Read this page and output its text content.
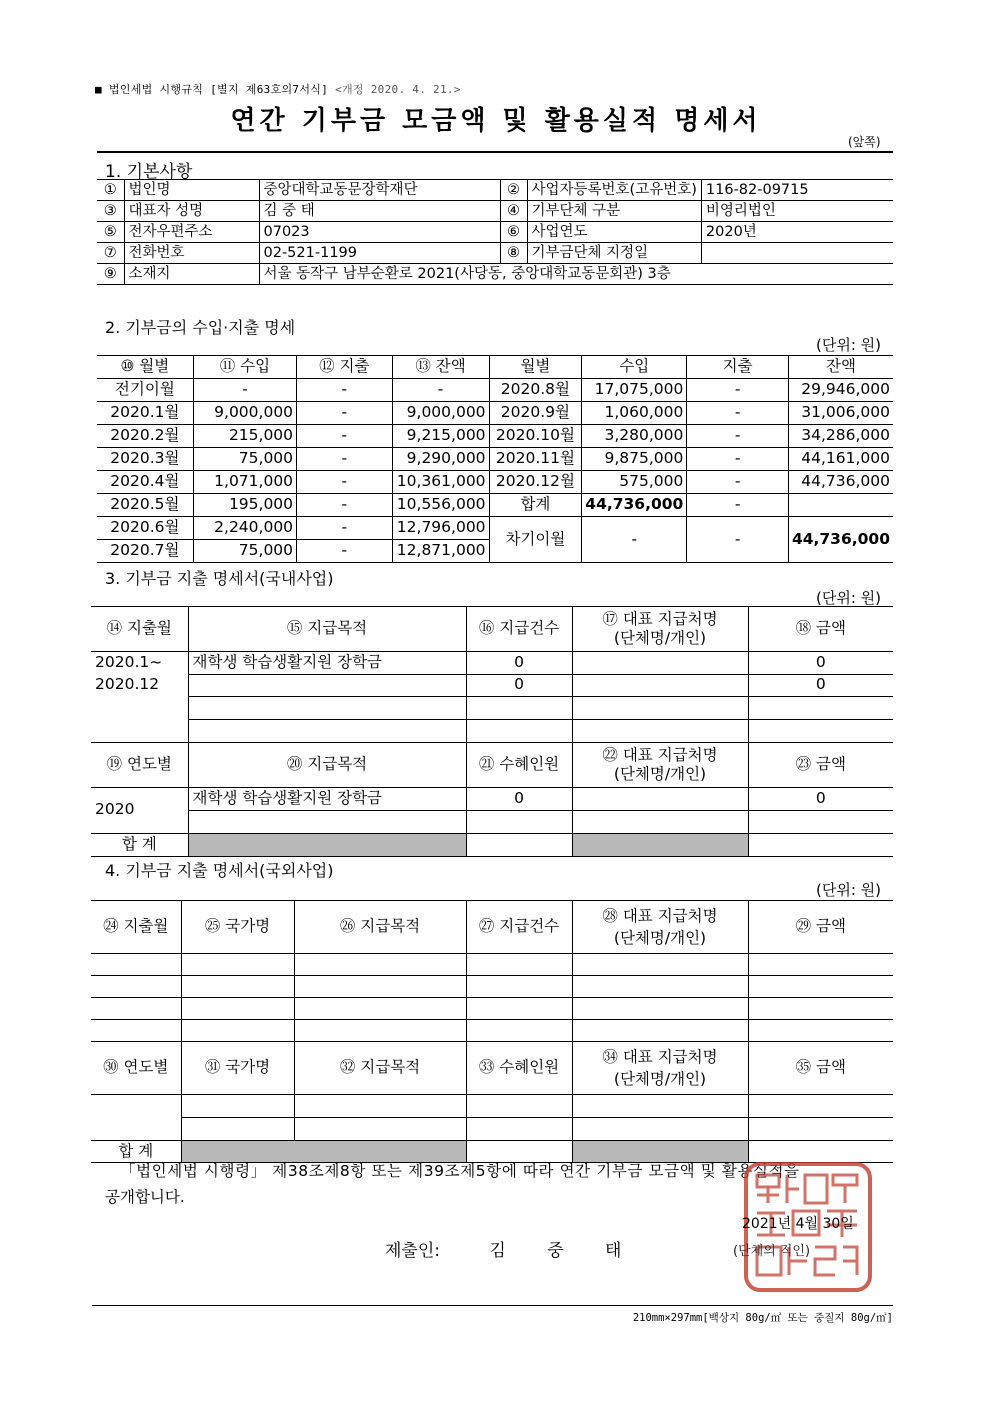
■ 법인세법 시행규칙 [별지 제63호의7서식] <개정 2020. 4. 21.>
연간 기부금 모금액 및 활용실적 명세서
(앞쪽)
1. 기본사항
①	법인명	중앙대학교동문장학재단	②	사업자등록번호(고유번호)	116-82-09715
③	대표자 성명	김 중 태	④	기부단체 구분	비영리법인
⑤	전자우편주소	07023	⑥	사업연도	2020년
⑦	전화번호	02-521-1199	⑧	기부금단체 지정일	
⑨	소재지	서울 동작구 남부순환로 2021(사당동, 중앙대학교동문회관) 3층			
2. 기부금의 수입·지출 명세
(단위: 원)
⑩ 월별	⑪ 수입	⑫ 지출	⑬ 잔액	월별	수입	지출	잔액
전기이월	-	-	-	2020.8월	17,075,000	-	29,946,000
2020.1월	9,000,000	-	9,000,000	2020.9월	1,060,000	-	31,006,000
2020.2월	215,000	-	9,215,000	2020.10월	3,280,000	-	34,286,000
2020.3월	75,000	-	9,290,000	2020.11월	9,875,000	-	44,161,000
2020.4월	1,071,000	-	10,361,000	2020.12월	575,000	-	44,736,000
2020.5월	195,000	-	10,556,000	합계	44,736,000	-	
2020.6월	2,240,000	-	12,796,000	차기이월	-	-	44,736,000
2020.7월	75,000	-	12,871,000				
3. 기부금 지출 명세서(국내사업)
(단위: 원)
⑭ 지출월	⑮ 지급목적	⑯ 지급건수	⑰ 대표 지급처명
(단체명/개인)	⑱ 금액
2020.1~	재학생 학습생활지원 장학금	0		0
2020.12		0		0

⑲ 연도별	⑳ 지급목적	㉑ 수혜인원	㉒ 대표 지급처명
(단체명/개인)	㉓ 금액
2020	재학생 학습생활지원 장학금	0		0

합 계				
4. 기부금 지출 명세서(국외사업)
(단위: 원)
㉔ 지출월	㉕ 국가명	㉖ 지급목적	㉗ 지급건수	㉘ 대표 지급처명
(단체명/개인)	㉙ 금액

㉚ 연도별	㉛ 국가명	㉜ 지급목적	㉝ 수혜인원	㉞ 대표 지급처명
(단체명/개인)	㉟ 금액

합 계					
「법인세법 시행령」 제38조제8항 또는 제39조제5항에 따라 연간 기부금 모금액 및 활용실적을
공개합니다.
2021년 4월 30일
제출인:	김 중 태	(단체의 직인)
210mm×297mm[백상지 80g/㎡ 또는 중질지 80g/㎡]
